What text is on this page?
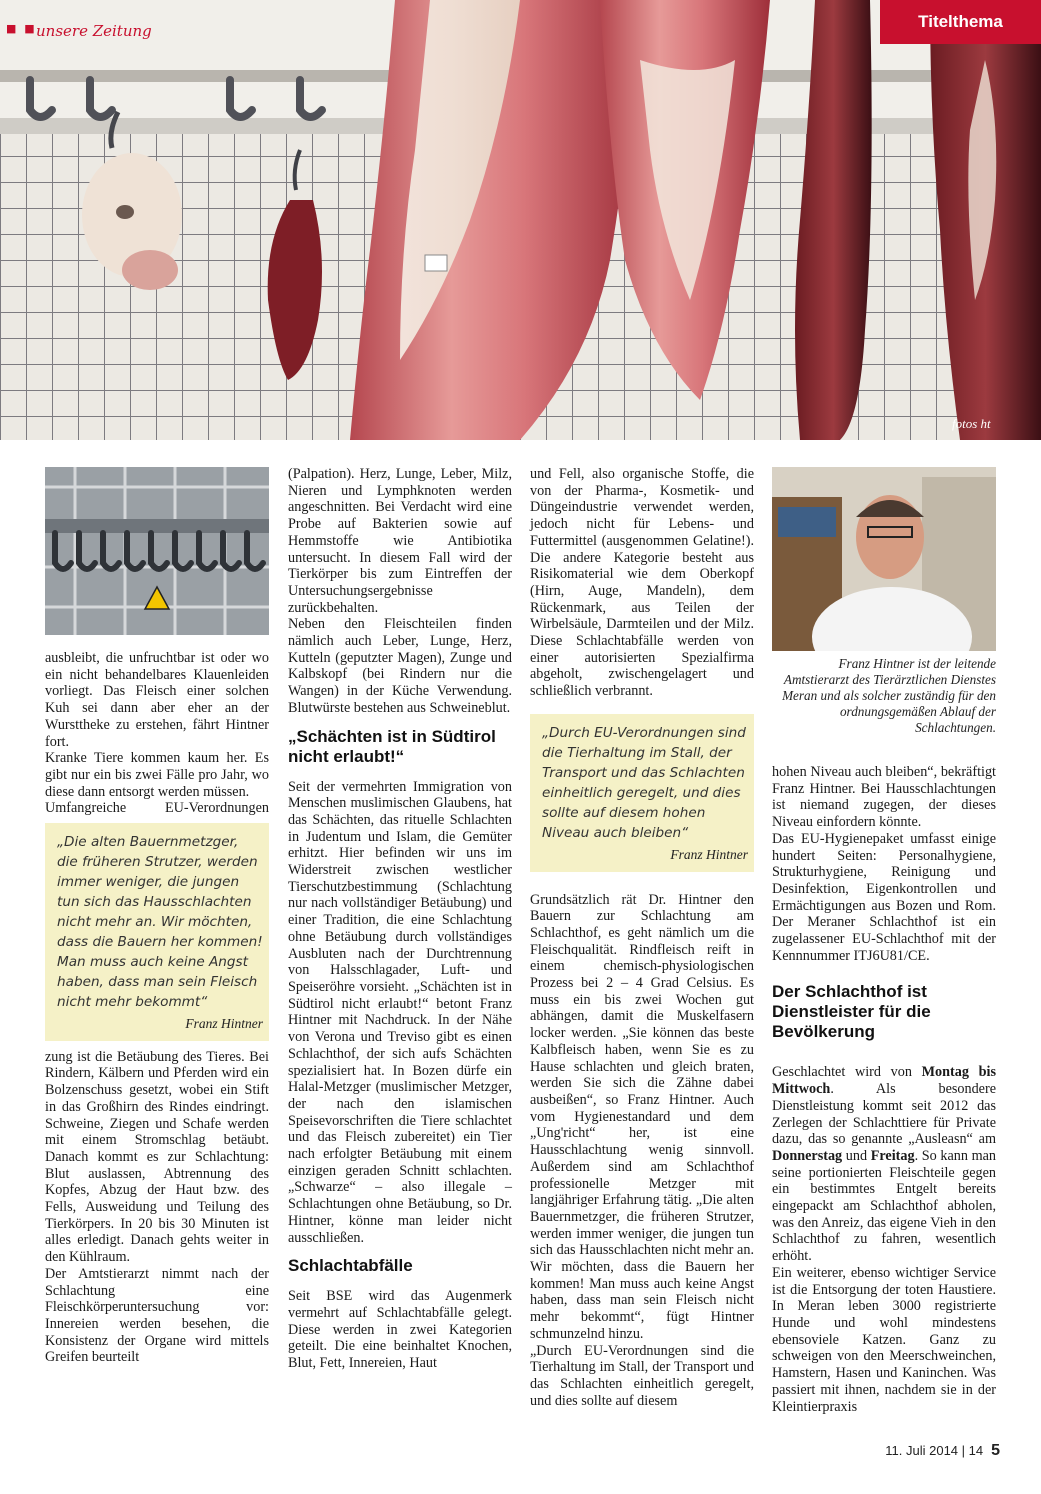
■ ■ unsere Zeitung	Titelthema
fotos ht
Franz Hintner ist der leitende Amtstierarzt des Tierärztlichen Dienstes Meran und als solcher zuständig für den ordnungsgemäßen Ablauf der Schlachtungen.

ausbleibt, die unfruchtbar ist oder wo ein nicht behandelbares Klauenleiden vorliegt. Das Fleisch einer solchen Kuh sei dann aber eher an der Wursttheke zu erstehen, fährt Hintner fort.

Kranke Tiere kommen kaum her. Es gibt nur ein bis zwei Fälle pro Jahr, wo diese dann entsorgt werden müssen.

Umfangreiche EU-Verordnungen

„Die alten Bauernmetzger, die früheren Strutzer, werden immer weniger, die jungen tun sich das Hausschlachten nicht mehr an. Wir möchten, dass die Bauern her kommen! Man muss auch keine Angst haben, dass man sein Fleisch nicht mehr bekommt“
Franz Hintner

zung ist die Betäubung des Tieres. Bei Rindern, Kälbern und Pferden wird ein Bolzenschuss gesetzt, wobei ein Stift in das Großhirn des Rindes eindringt. Schweine, Ziegen und Schafe werden mit einem Stromschlag betäubt. Danach kommt es zur Schlachtung: Blut auslassen, Abtrennung des Kopfes, Abzug der Haut bzw. des Fells, Ausweidung und Teilung des Tierkörpers. In 20 bis 30 Minuten ist alles erledigt. Danach gehts weiter in den Kühlraum.

Der Amtstierarzt nimmt nach der Schlachtung eine Fleischkörperuntersuchung vor: Innereien werden besehen, die Konsistenz der Organe wird mittels Greifen beurteilt

(Palpation). Herz, Lunge, Leber, Milz, Nieren und Lymphknoten werden angeschnitten. Bei Verdacht wird eine Probe auf Bakterien sowie auf Hemmstoffe wie Antibiotika untersucht. In diesem Fall wird der Tierkörper bis zum Eintreffen der Untersuchungsergebnisse zurückbehalten.

Neben den Fleischteilen finden nämlich auch Leber, Lunge, Herz, Kutteln (geputzter Magen), Zunge und Kalbskopf (bei Rindern nur die Wangen) in der Küche Verwendung. Blutwürste bestehen aus Schweineblut.

„Schächten ist in Südtirol nicht erlaubt!“

Seit der vermehrten Immigration von Menschen muslimischen Glaubens, hat das Schächten, das rituelle Schlachten in Judentum und Islam, die Gemüter erhitzt. Hier befinden wir uns im Widerstreit zwischen westlicher Tierschutzbestimmung (Schlachtung nur nach vollständiger Betäubung) und einer Tradition, die eine Schlachtung ohne Betäubung durch vollständiges Ausbluten nach der Durchtrennung von Halsschlagader, Luft- und Speiseröhre vorsieht. „Schächten ist in Südtirol nicht erlaubt!“ betont Franz Hintner mit Nachdruck. In der Nähe von Verona und Treviso gibt es einen Schlachthof, der sich aufs Schächten spezialisiert hat. In Bozen dürfe ein Halal-Metzger (muslimischer Metzger, der nach den islamischen Speisevorschriften die Tiere schlachtet und das Fleisch zubereitet) ein Tier nach erfolgter Betäubung mit einem einzigen geraden Schnitt schlachten. „Schwarze“ – also illegale – Schlachtungen ohne Betäubung, so Dr. Hintner, könne man leider nicht ausschließen.

Schlachtabfälle

Seit BSE wird das Augenmerk vermehrt auf Schlachtabfälle gelegt. Diese werden in zwei Kategorien geteilt. Die eine beinhaltet Knochen, Blut, Fett, Innereien, Haut

und Fell, also organische Stoffe, die von der Pharma-, Kosmetik- und Düngeindustrie verwendet werden, jedoch nicht für Lebens- und Futtermittel (ausgenommen Gelatine!). Die andere Kategorie besteht aus Risikomaterial wie dem Oberkopf (Hirn, Auge, Mandeln), dem Rückenmark, aus Teilen der Wirbelsäule, Darmteilen und der Milz. Diese Schlachtabfälle werden von einer autorisierten Spezialfirma abgeholt, zwischengelagert und schließlich verbrannt.

„Durch EU-Verordnungen sind die Tierhaltung im Stall, der Transport und das Schlachten einheitlich geregelt, und dies sollte auf diesem hohen Niveau auch bleiben“
Franz Hintner

Grundsätzlich rät Dr. Hintner den Bauern zur Schlachtung am Schlachthof, es geht nämlich um die Fleischqualität. Rindfleisch reift in einem chemisch-physiologischen Prozess bei 2 – 4 Grad Celsius. Es muss ein bis zwei Wochen gut abhängen, damit die Muskelfasern locker werden. „Sie können das beste Kalbfleisch haben, wenn Sie es zu Hause schlachten und gleich braten, werden Sie sich die Zähne dabei ausbeißen“, so Franz Hintner. Auch vom Hygienestandard und dem „Ung'richt“ her, ist eine Hausschlachtung wenig sinnvoll. Außerdem sind am Schlachthof professionelle Metzger mit langjähriger Erfahrung tätig. „Die alten Bauernmetzger, die früheren Strutzer, werden immer weniger, die jungen tun sich das Hausschlachten nicht mehr an. Wir möchten, dass die Bauern her kommen! Man muss auch keine Angst haben, dass man sein Fleisch nicht mehr bekommt“, fügt Hintner schmunzelnd hinzu.

„Durch EU-Verordnungen sind die Tierhaltung im Stall, der Transport und das Schlachten einheitlich geregelt, und dies sollte auf diesem

hohen Niveau auch bleiben“, bekräftigt Franz Hintner. Bei Hausschlachtungen ist niemand zugegen, der dieses Niveau einfordern könnte.

Das EU-Hygienepaket umfasst einige hundert Seiten: Personalhygiene, Strukturhygiene, Reinigung und Desinfektion, Eigenkontrollen und Ermächtigungen aus Bozen und Rom. Der Meraner Schlachthof ist ein zugelassener EU-Schlachthof mit der Kennnummer ITJ6U81/CE.

Der Schlachthof ist Dienstleister für die Bevölkerung

Geschlachtet wird von Montag bis Mittwoch. Als besondere Dienstleistung kommt seit 2012 das Zerlegen der Schlachttiere für Private dazu, das so genannte „Ausleasn“ am Donnerstag und Freitag. So kann man seine portionierten Fleischteile gegen ein bestimmtes Entgelt bereits eingepackt am Schlachthof abholen, was den Anreiz, das eigene Vieh in den Schlachthof zu fahren, wesentlich erhöht.

Ein weiterer, ebenso wichtiger Service ist die Entsorgung der toten Haustiere. In Meran leben 3000 registrierte Hunde und wohl mindestens ebensoviele Katzen. Ganz zu schweigen von den Meerschweinchen, Hamstern, Hasen und Kaninchen. Was passiert mit ihnen, nachdem sie in der Kleintierpraxis

11. Juli 2014 | 14 5
